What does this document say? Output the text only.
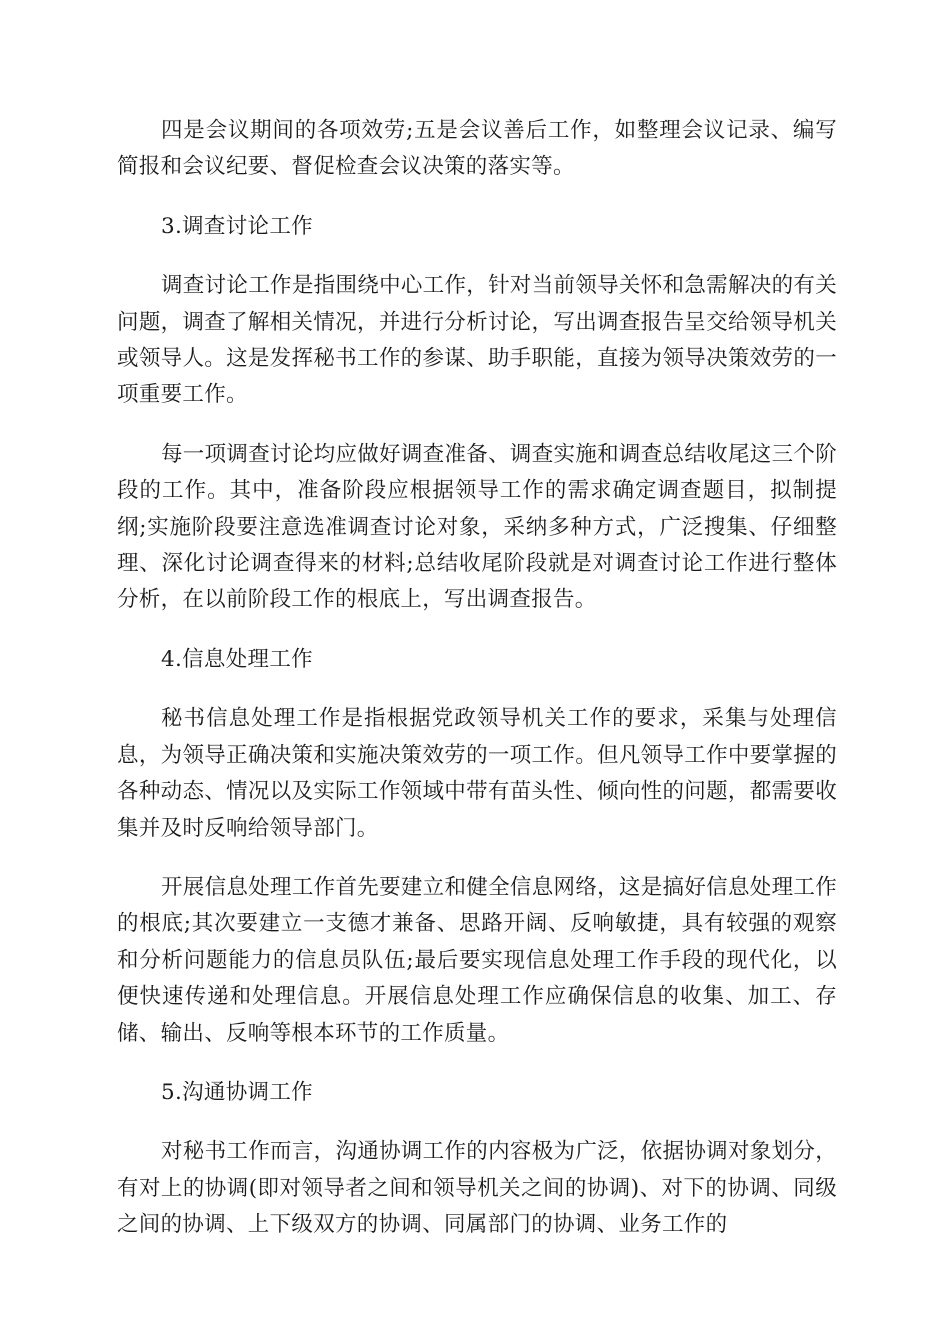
四是会议期间的各项效劳;五是会议善后工作，如整理会议记录、编写简报和会议纪要、督促检查会议决策的落实等。

3.调查讨论工作

调查讨论工作是指围绕中心工作，针对当前领导关怀和急需解决的有关问题，调查了解相关情况，并进行分析讨论，写出调查报告呈交给领导机关或领导人。这是发挥秘书工作的参谋、助手职能，直接为领导决策效劳的一项重要工作。

每一项调查讨论均应做好调查准备、调查实施和调查总结收尾这三个阶段的工作。其中，准备阶段应根据领导工作的需求确定调查题目，拟制提纲;实施阶段要注意选准调查讨论对象，采纳多种方式，广泛搜集、仔细整理、深化讨论调查得来的材料;总结收尾阶段就是对调查讨论工作进行整体分析，在以前阶段工作的根底上，写出调查报告。

4.信息处理工作

秘书信息处理工作是指根据党政领导机关工作的要求，采集与处理信息，为领导正确决策和实施决策效劳的一项工作。但凡领导工作中要掌握的各种动态、情况以及实际工作领域中带有苗头性、倾向性的问题，都需要收集并及时反响给领导部门。

开展信息处理工作首先要建立和健全信息网络，这是搞好信息处理工作的根底;其次要建立一支德才兼备、思路开阔、反响敏捷，具有较强的观察和分析问题能力的信息员队伍;最后要实现信息处理工作手段的现代化，以便快速传递和处理信息。开展信息处理工作应确保信息的收集、加工、存储、输出、反响等根本环节的工作质量。

5.沟通协调工作

对秘书工作而言，沟通协调工作的内容极为广泛，依据协调对象划分，有对上的协调(即对领导者之间和领导机关之间的协调)、对下的协调、同级之间的协调、上下级双方的协调、同属部门的协调、业务工作的
